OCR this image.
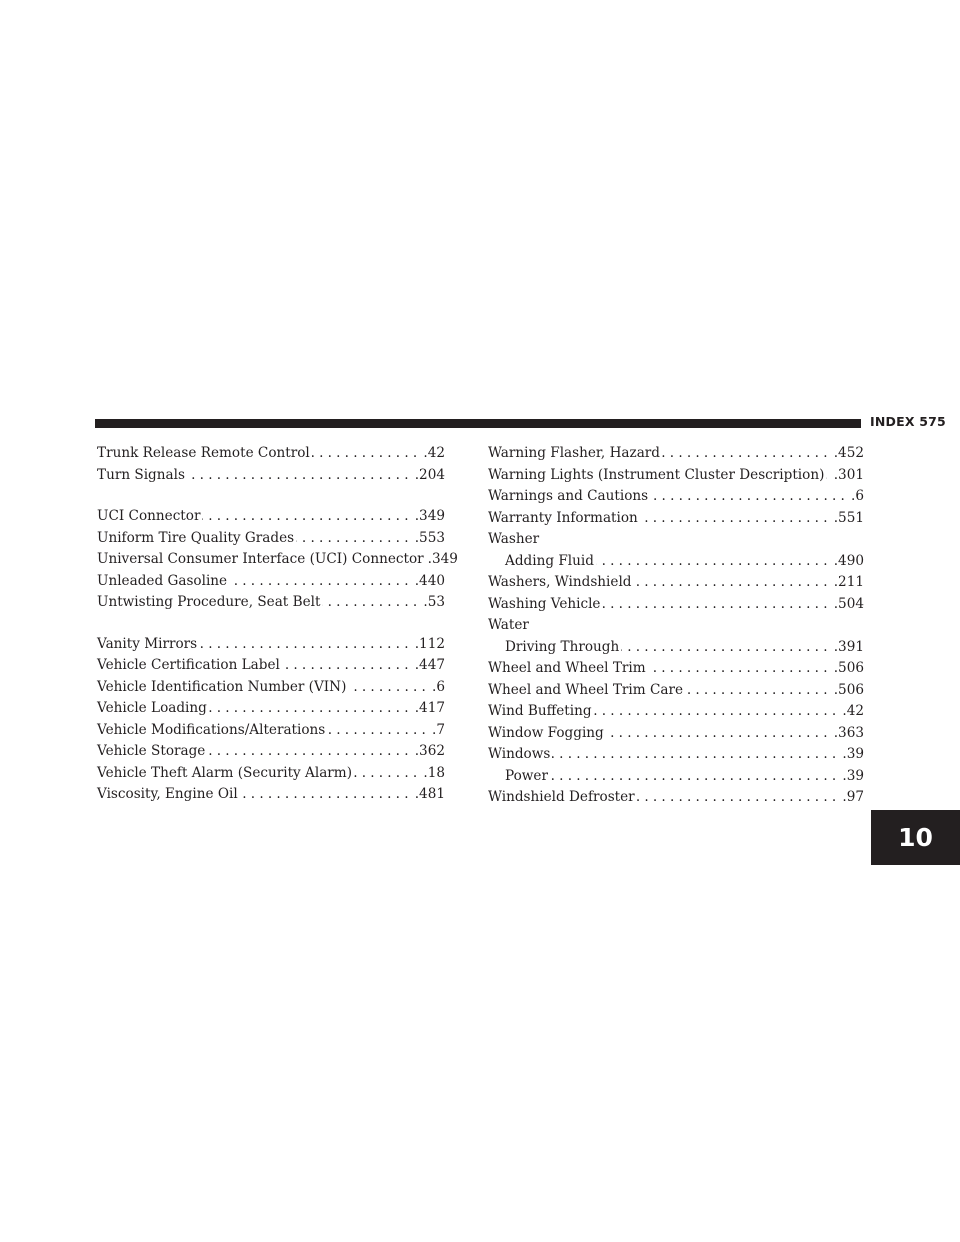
INDEX 575
Trunk Release Remote Control .....	.42
Turn Signals .....	.204
UCI Connector .....	.349
Uniform Tire Quality Grades .....	.553
Universal Consumer Interface (UCI) Connector .349
Unleaded Gasoline .....	.440
Untwisting Procedure, Seat Belt .....	.53
Vanity Mirrors .....	.112
Vehicle Certification Label .....	.447
Vehicle Identification Number (VIN) .....	.6
Vehicle Loading .....	.417
Vehicle Modifications/Alterations .....	.7
Vehicle Storage .....	.362
Vehicle Theft Alarm (Security Alarm) .....	.18
Viscosity, Engine Oil .....	.481
Warning Flasher, Hazard .....	.452
Warning Lights (Instrument Cluster Description) ..... .301
Warnings and Cautions .....	.6
Warranty Information .....	.551
Washer
Adding Fluid .....	.490
Washers, Windshield .....	.211
Washing Vehicle .....	.504
Water
Driving Through .....	.391
Wheel and Wheel Trim .....	.506
Wheel and Wheel Trim Care .....	.506
Wind Buffeting .....	.42
Window Fogging .....	.363
Windows .....	.39
Power .....	.39
Windshield Defroster .....	.97
10
